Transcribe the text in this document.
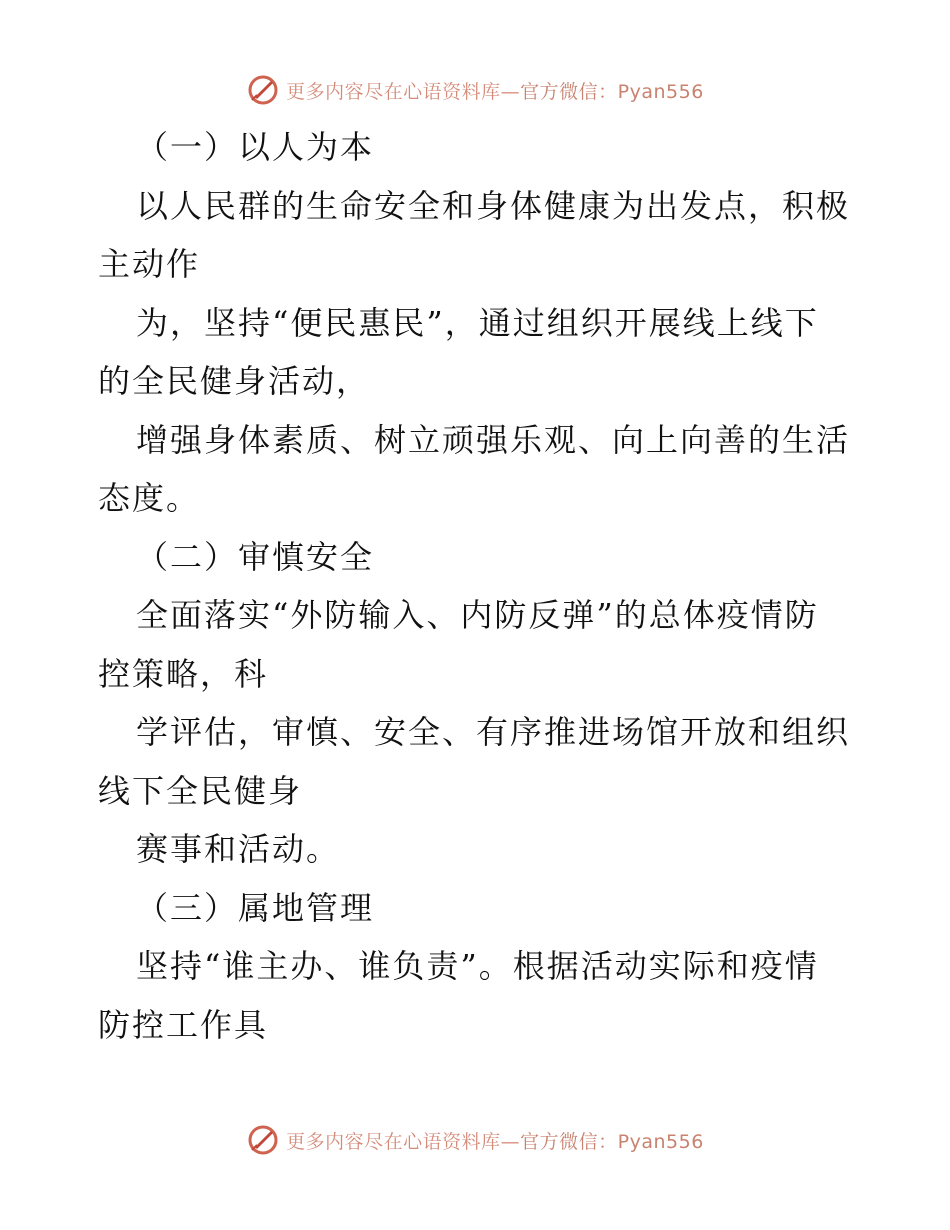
更多内容尽在心语资料库—官方微信：Pyan556
（一）以人为本
以人民群的生命安全和身体健康为出发点，积极
主动作
为，坚持“便民惠民”，通过组织开展线上线下
的全民健身活动，
增强身体素质、树立顽强乐观、向上向善的生活
态度。
（二）审慎安全
全面落实“外防输入、内防反弹”的总体疫情防
控策略，科
学评估，审慎、安全、有序推进场馆开放和组织
线下全民健身
赛事和活动。
（三）属地管理
坚持“谁主办、谁负责”。根据活动实际和疫情
防控工作具
更多内容尽在心语资料库—官方微信：Pyan556
